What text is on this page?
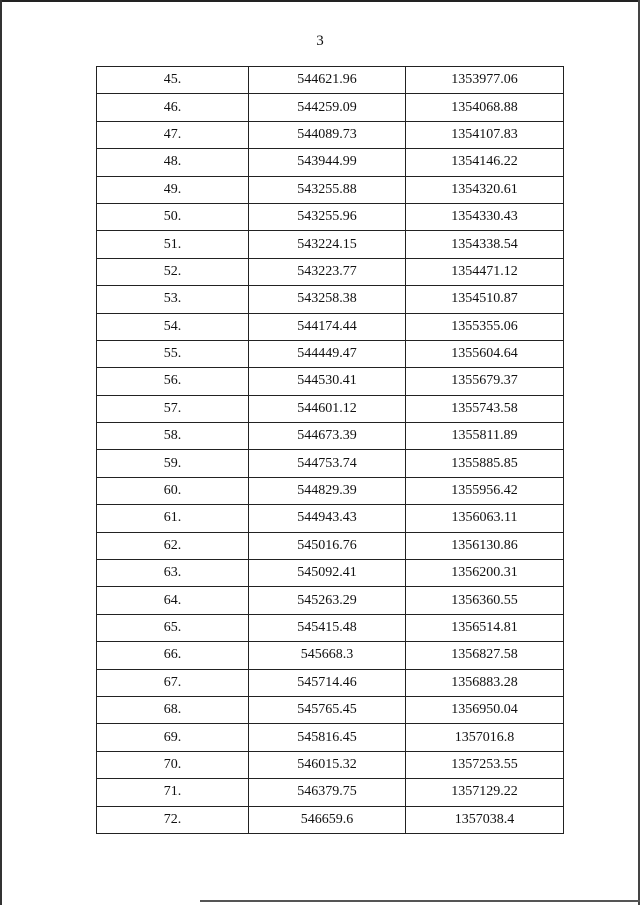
3
45.	544621.96	1353977.06
46.	544259.09	1354068.88
47.	544089.73	1354107.83
48.	543944.99	1354146.22
49.	543255.88	1354320.61
50.	543255.96	1354330.43
51.	543224.15	1354338.54
52.	543223.77	1354471.12
53.	543258.38	1354510.87
54.	544174.44	1355355.06
55.	544449.47	1355604.64
56.	544530.41	1355679.37
57.	544601.12	1355743.58
58.	544673.39	1355811.89
59.	544753.74	1355885.85
60.	544829.39	1355956.42
61.	544943.43	1356063.11
62.	545016.76	1356130.86
63.	545092.41	1356200.31
64.	545263.29	1356360.55
65.	545415.48	1356514.81
66.	545668.3	1356827.58
67.	545714.46	1356883.28
68.	545765.45	1356950.04
69.	545816.45	1357016.8
70.	546015.32	1357253.55
71.	546379.75	1357129.22
72.	546659.6	1357038.4
